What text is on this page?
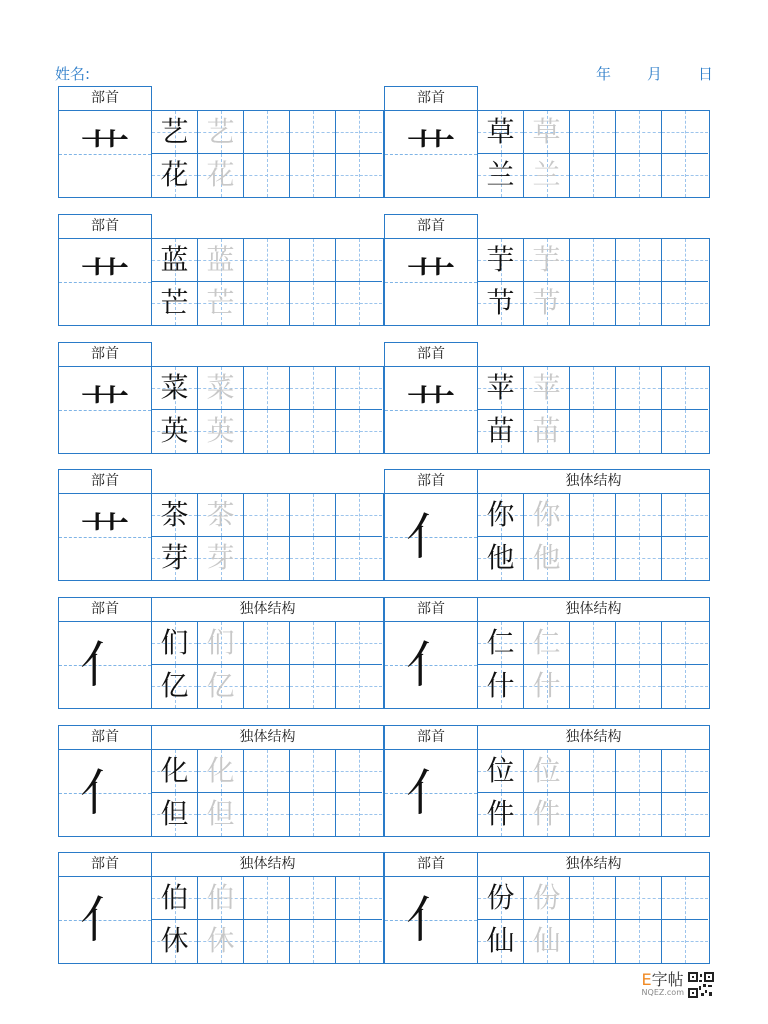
姓名:	年 月 日
部首
艹	艺 艺
花 花
部首
艹	草 草
兰 兰
部首
艹	蓝 蓝
芒 芒
部首
艹	芋 芋
节 节
部首
艹	菜 菜
英 英
部首
艹	苹 苹
苗 苗
部首
艹	茶 茶
芽 芽
部首	独体结构
亻	你 你
他 他
部首	独体结构
亻	们 们
亿 亿
部首	独体结构
亻	仁 仁
什 什
部首	独体结构
亻	化 化
但 但
部首	独体结构
亻	位 位
件 件
部首	独体结构
亻	伯 伯
休 休
部首	独体结构
亻	份 份
仙 仙
E字帖
NQEZ.com
